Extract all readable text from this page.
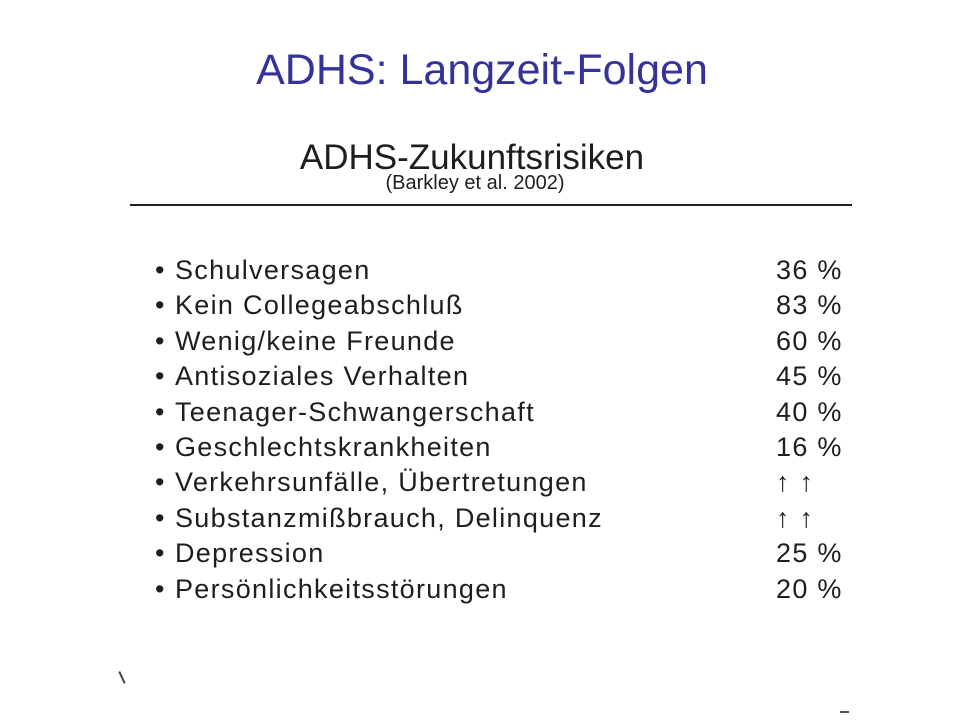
ADHS: Langzeit-Folgen
ADHS-Zukunftsrisiken
(Barkley et al. 2002)
• Schulversagen	36 %
• Kein Collegeabschluß	83 %
• Wenig/keine Freunde	60 %
• Antisoziales Verhalten	45 %
• Teenager-Schwangerschaft	40 %
• Geschlechtskrankheiten	16 %
• Verkehrsunfälle, Übertretungen	↑ ↑
• Substanzmißbrauch, Delinquenz	↑ ↑
• Depression	25 %
• Persönlichkeitsstörungen	20 %
